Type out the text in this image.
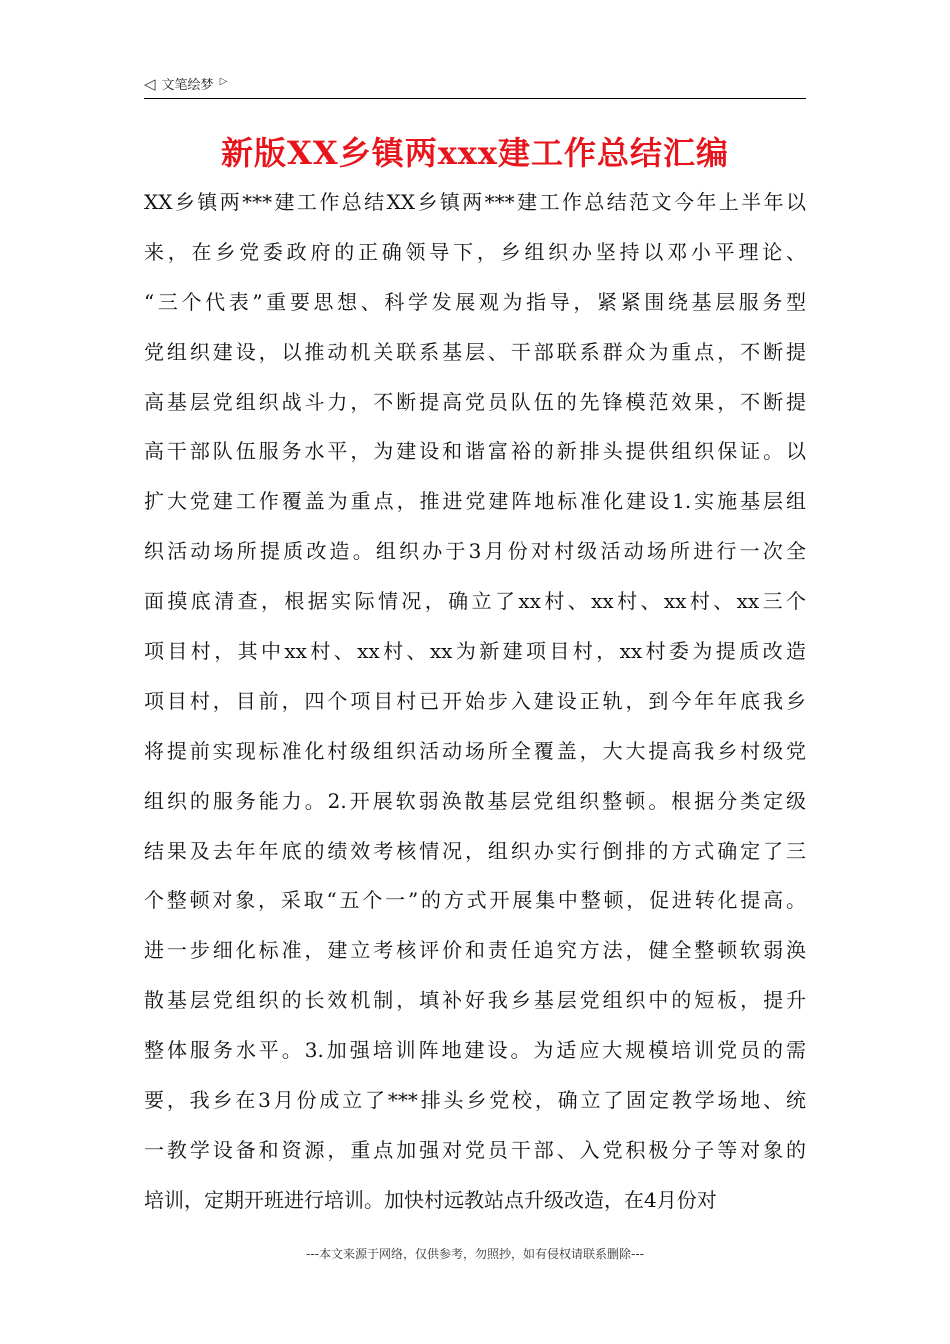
◁ 文笔绘梦 ▷
新版XX乡镇两xxx建工作总结汇编
XX乡镇两***建工作总结XX乡镇两***建工作总结范文今年上半年以
来，在乡党委政府的正确领导下，乡组织办坚持以邓小平理论、
“三个代表”重要思想、科学发展观为指导，紧紧围绕基层服务型
党组织建设，以推动机关联系基层、干部联系群众为重点，不断提
高基层党组织战斗力，不断提高党员队伍的先锋模范效果，不断提
高干部队伍服务水平，为建设和谐富裕的新排头提供组织保证。以
扩大党建工作覆盖为重点，推进党建阵地标准化建设1.实施基层组
织活动场所提质改造。组织办于3月份对村级活动场所进行一次全
面摸底清查，根据实际情况，确立了xx村、xx村、xx村、xx三个
项目村，其中xx村、xx村、xx为新建项目村，xx村委为提质改造
项目村，目前，四个项目村已开始步入建设正轨，到今年年底我乡
将提前实现标准化村级组织活动场所全覆盖，大大提高我乡村级党
组织的服务能力。2.开展软弱涣散基层党组织整顿。根据分类定级
结果及去年年底的绩效考核情况，组织办实行倒排的方式确定了三
个整顿对象，采取“五个一”的方式开展集中整顿，促进转化提高。
进一步细化标准，建立考核评价和责任追究方法，健全整顿软弱涣
散基层党组织的长效机制，填补好我乡基层党组织中的短板，提升
整体服务水平。3.加强培训阵地建设。为适应大规模培训党员的需
要，我乡在3月份成立了***排头乡党校，确立了固定教学场地、统
一教学设备和资源，重点加强对党员干部、入党积极分子等对象的
培训，定期开班进行培训。加快村远教站点升级改造，在4月份对
---本文来源于网络，仅供参考，勿照抄，如有侵权请联系删除---
